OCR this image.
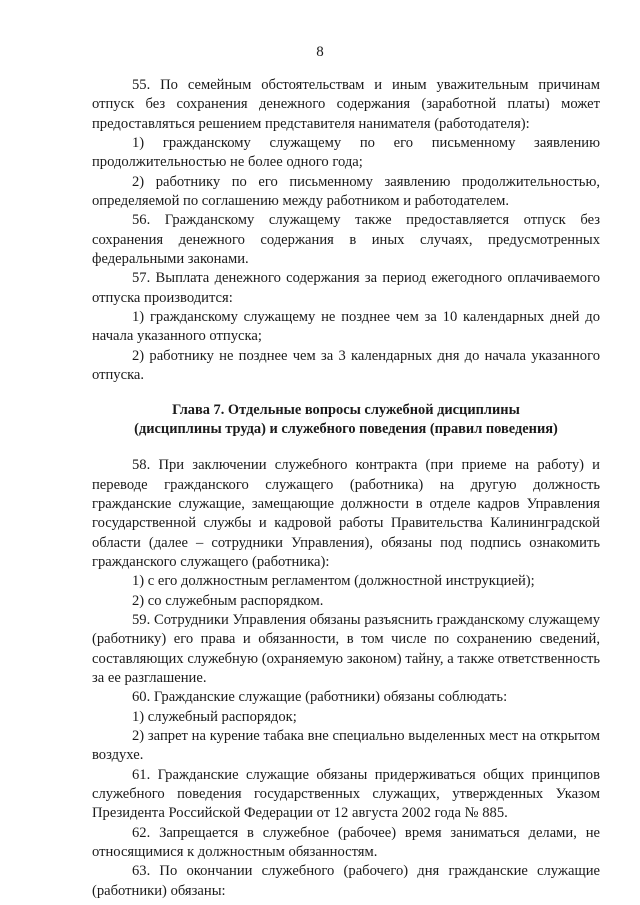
8

55. По семейным обстоятельствам и иным уважительным причинам отпуск без сохранения денежного содержания (заработной платы) может предоставляться решением представителя нанимателя (работодателя):

1) гражданскому служащему по его письменному заявлению продолжительностью не более одного года;

2) работнику по его письменному заявлению продолжительностью, определяемой по соглашению между работником и работодателем.

56. Гражданскому служащему также предоставляется отпуск без сохранения денежного содержания в иных случаях, предусмотренных федеральными законами.

57. Выплата денежного содержания за период ежегодного оплачиваемого отпуска производится:

1) гражданскому служащему не позднее чем за 10 календарных дней до начала указанного отпуска;

2) работнику не позднее чем за 3 календарных дня до начала указанного отпуска.

Глава 7. Отдельные вопросы служебной дисциплины
(дисциплины труда) и служебного поведения (правил поведения)

58. При заключении служебного контракта (при приеме на работу) и переводе гражданского служащего (работника) на другую должность гражданские служащие, замещающие должности в отделе кадров Управления государственной службы и кадровой работы Правительства Калининградской области (далее – сотрудники Управления), обязаны под подпись ознакомить гражданского служащего (работника):

1) с его должностным регламентом (должностной инструкцией);

2) со служебным распорядком.

59. Сотрудники Управления обязаны разъяснить гражданскому служащему (работнику) его права и обязанности, в том числе по сохранению сведений, составляющих служебную (охраняемую законом) тайну, а также ответственность за ее разглашение.

60. Гражданские служащие (работники) обязаны соблюдать:

1) служебный распорядок;

2) запрет на курение табака вне специально выделенных мест на открытом воздухе.

61. Гражданские служащие обязаны придерживаться общих принципов служебного поведения государственных служащих, утвержденных Указом Президента Российской Федерации от 12 августа 2002 года № 885.

62. Запрещается в служебное (рабочее) время заниматься делами, не относящимися к должностным обязанностям.

63. По окончании служебного (рабочего) дня гражданские служащие (работники) обязаны:
